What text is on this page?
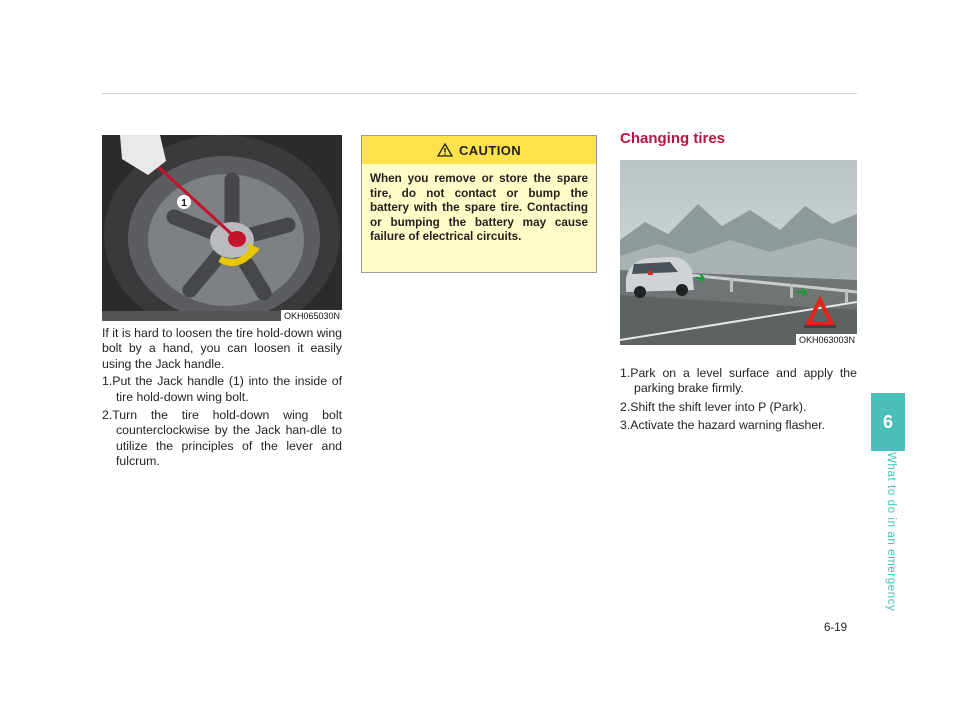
1
OKH065030N
If it is hard to loosen the tire hold-down wing bolt by a hand, you can loosen it easily using the Jack handle.
1.Put the Jack handle (1) into the inside of tire hold-down wing bolt.
2.Turn the tire hold-down wing bolt counterclockwise by the Jack han-dle to utilize the principles of the lever and fulcrum.
CAUTION
When you remove or store the spare tire, do not contact or bump the battery with the spare tire. Contacting or bumping the battery may cause failure of electrical circuits.
Changing tires
OKH063003N
1.Park on a level surface and apply the parking brake firmly.
2.Shift the shift lever into P (Park).
3.Activate the hazard warning flasher.	6
What to do in an emergency
6-19
